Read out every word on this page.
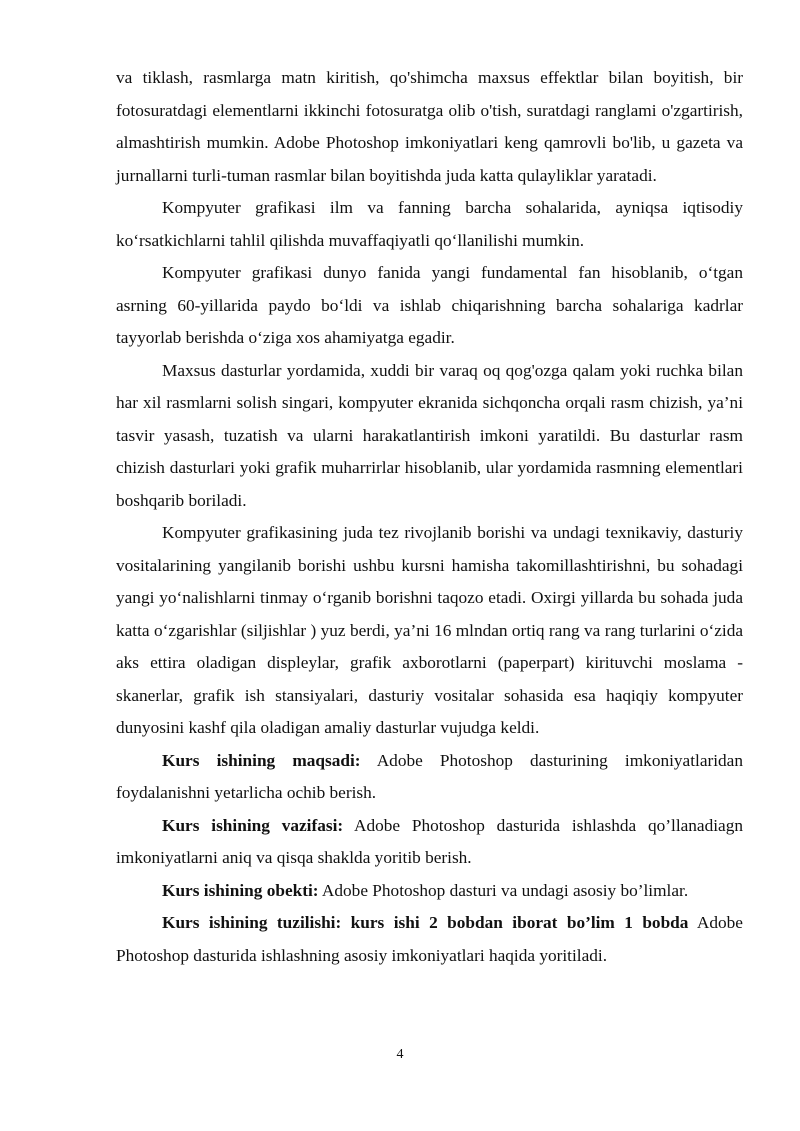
va tiklash, rasmlarga matn kiritish, qo'shimcha maxsus effektlar bilan boyitish, bir fotosuratdagi elementlarni ikkinchi fotosuratga olib o'tish, suratdagi ranglami o'zgartirish, almashtirish mumkin. Adobe Photoshop imkoniyatlari keng qamrovli bo'lib, u gazeta va jurnallarni turli-tuman rasmlar bilan boyitishda juda katta qulayliklar yaratadi.

Kompyuter grafikasi ilm va fanning barcha sohalarida, ayniqsa iqtisodiy ko‘rsatkichlarni tahlil qilishda muvaffaqiyatli qo‘llanilishi mumkin.

Kompyuter grafikasi dunyo fanida yangi fundamental fan hisoblanib, o‘tgan asrning 60-yillarida paydo bo‘ldi va ishlab chiqarishning barcha sohalariga kadrlar tayyorlab berishda o‘ziga xos ahamiyatga egadir.

Maxsus dasturlar yordamida, xuddi bir varaq oq qog'ozga qalam yoki ruchka bilan har xil rasmlarni solish singari, kompyuter ekranida sichqoncha orqali rasm chizish, ya’ni tasvir yasash, tuzatish va ularni harakatlantirish imkoni yaratildi. Bu dasturlar rasm chizish dasturlari yoki grafik muharrirlar hisoblanib, ular yordamida rasmning elementlari boshqarib boriladi.

Kompyuter grafikasining juda tez rivojlanib borishi va undagi texnikaviy, dasturiy vositalarining yangilanib borishi ushbu kursni hamisha takomillashtirishni, bu sohadagi yangi yo‘nalishlarni tinmay o‘rganib borishni taqozo etadi. Oxirgi yillarda bu sohada juda katta o‘zgarishlar (siljishlar ) yuz berdi, ya’ni 16 mlndan ortiq rang va rang turlarini o‘zida aks ettira oladigan displeylar, grafik axborotlarni (paperpart) kirituvchi moslama - skanerlar, grafik ish stansiyalari, dasturiy vositalar sohasida esa haqiqiy kompyuter dunyosini kashf qila oladigan amaliy dasturlar vujudga keldi.

Kurs ishining maqsadi: Adobe Photoshop dasturining imkoniyatlaridan foydalanishni yetarlicha ochib berish.

Kurs ishining vazifasi: Adobe Photoshop dasturida ishlashda qo’llanadiagn imkoniyatlarni aniq va qisqa shaklda yoritib berish.

Kurs ishining obekti: Adobe Photoshop dasturi va undagi asosiy bo’limlar.

Kurs ishining tuzilishi: kurs ishi 2 bobdan iborat bo’lim 1 bobda Adobe Photoshop dasturida ishlashning asosiy imkoniyatlari haqida yoritiladi.

4
